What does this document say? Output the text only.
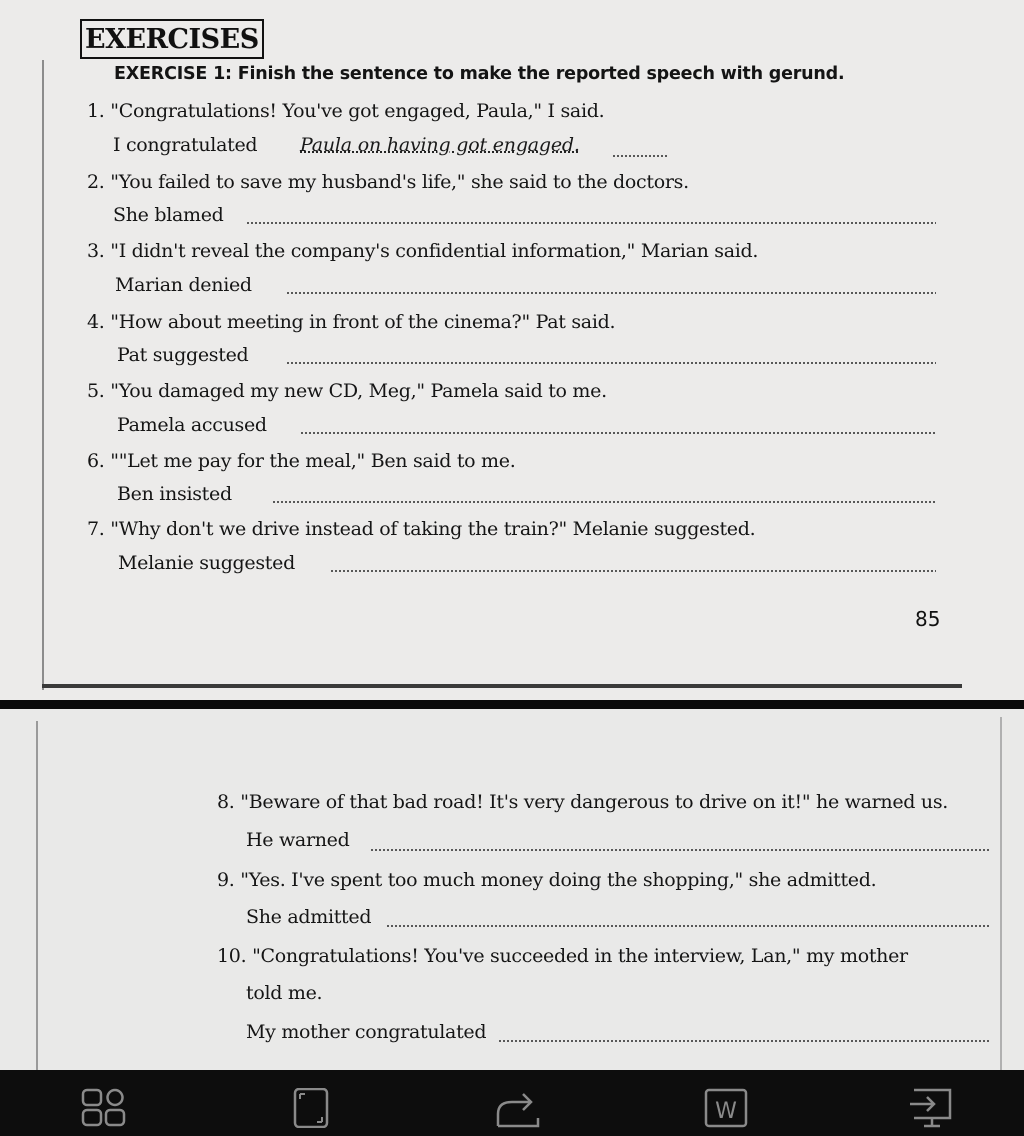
EXERCISES
EXERCISE 1: Finish the sentence to make the reported speech with gerund.
1. "Congratulations! You've got engaged, Paula," I said.
I congratulated Paula on having got engaged.
2. "You failed to save my husband's life," she said to the doctors.
She blamed
3. "I didn't reveal the company's confidential information," Marian said.
Marian denied
4. "How about meeting in front of the cinema?" Pat said.
Pat suggested
5. "You damaged my new CD, Meg," Pamela said to me.
Pamela accused
6. ""Let me pay for the meal," Ben said to me.
Ben insisted
7. "Why don't we drive instead of taking the train?" Melanie suggested.
Melanie suggested
85
8. "Beware of that bad road! It's very dangerous to drive on it!" he warned us.
He warned
9. "Yes. I've spent too much money doing the shopping," she admitted.
She admitted
10. "Congratulations! You've succeeded in the interview, Lan," my mother
told me.
My mother congratulated
W
